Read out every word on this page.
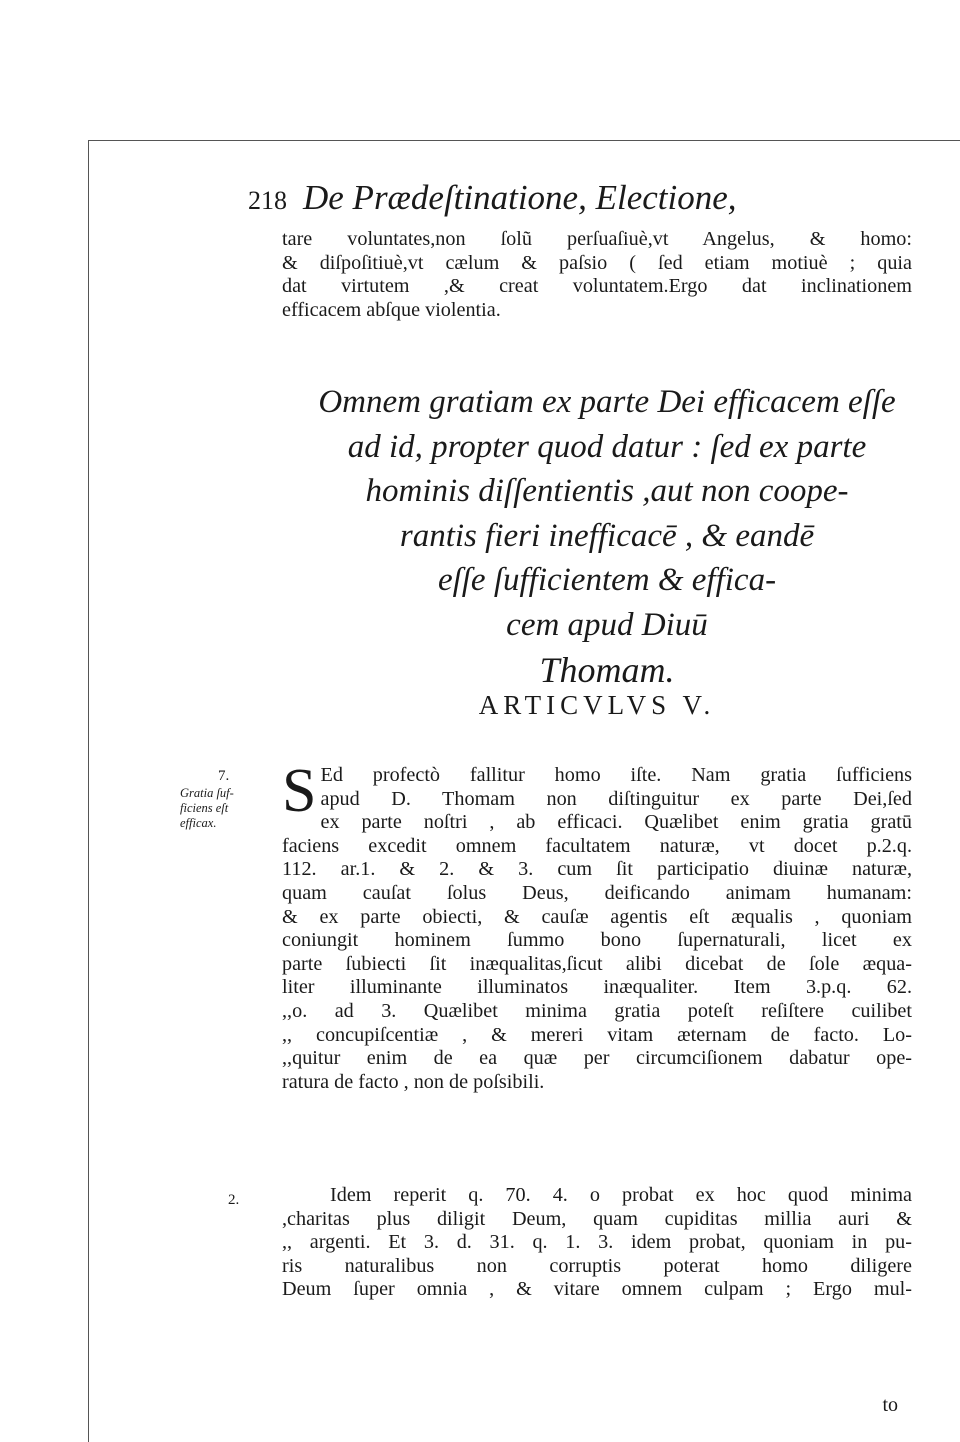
218 De Prædeſtinatione, Electione,
tare voluntates,non ſolũ perſuaſiuè,vt Angelus, & homo:
& diſpoſitiuè,vt cælum & paſsio ( ſed etiam motiuè ; quia
dat virtutem ,& creat voluntatem.Ergo dat inclinationem
efficacem abſque violentia.
Omnem gratiam ex parte Dei efficacem eſſe
ad id, propter quod datur : ſed ex parte
hominis diſſentientis ,aut non coope-
rantis fieri inefficacē , & eandē
eſſe ſufficientem & effica-
cem apud Diuū
Thomam.
ARTICVLVS V.
7.
Gratia ſuf-
ficiens eſt
efficax.
2.
S Ed profectò fallitur homo iſte. Nam gratia ſufficiens
apud D. Thomam non diſtinguitur ex parte Dei,ſed
ex parte noſtri , ab efficaci. Quælibet enim gratia gratū
faciens excedit omnem facultatem naturæ, vt docet p.2.q.
112. ar.1. & 2. & 3. cum ſit participatio diuinæ naturæ,
quam cauſat ſolus Deus, deificando animam humanam:
& ex parte obiecti, & cauſæ agentis eſt æqualis , quoniam
coniungit hominem ſummo bono ſupernaturali, licet ex
parte ſubiecti ſit inæqualitas,ſicut alibi dicebat de ſole æqua-
liter illuminante illuminatos inæqualiter. Item 3.p.q. 62.
,,o. ad 3. Quælibet minima gratia poteſt reſiſtere cuilibet
,, concupiſcentiæ , & mereri vitam æternam de facto. Lo-
,,quitur enim de ea quæ per circumciſionem dabatur ope-
ratura de facto , non de poſsibili.
Idem reperit q. 70. 4. o probat ex hoc quod minima
,charitas plus diligit Deum, quam cupiditas millia auri &
,, argenti. Et 3. d. 31. q. 1. 3. idem probat, quoniam in pu-
ris naturalibus non corruptis poterat homo diligere
Deum ſuper omnia , & vitare omnem culpam ; Ergo mul-
to
